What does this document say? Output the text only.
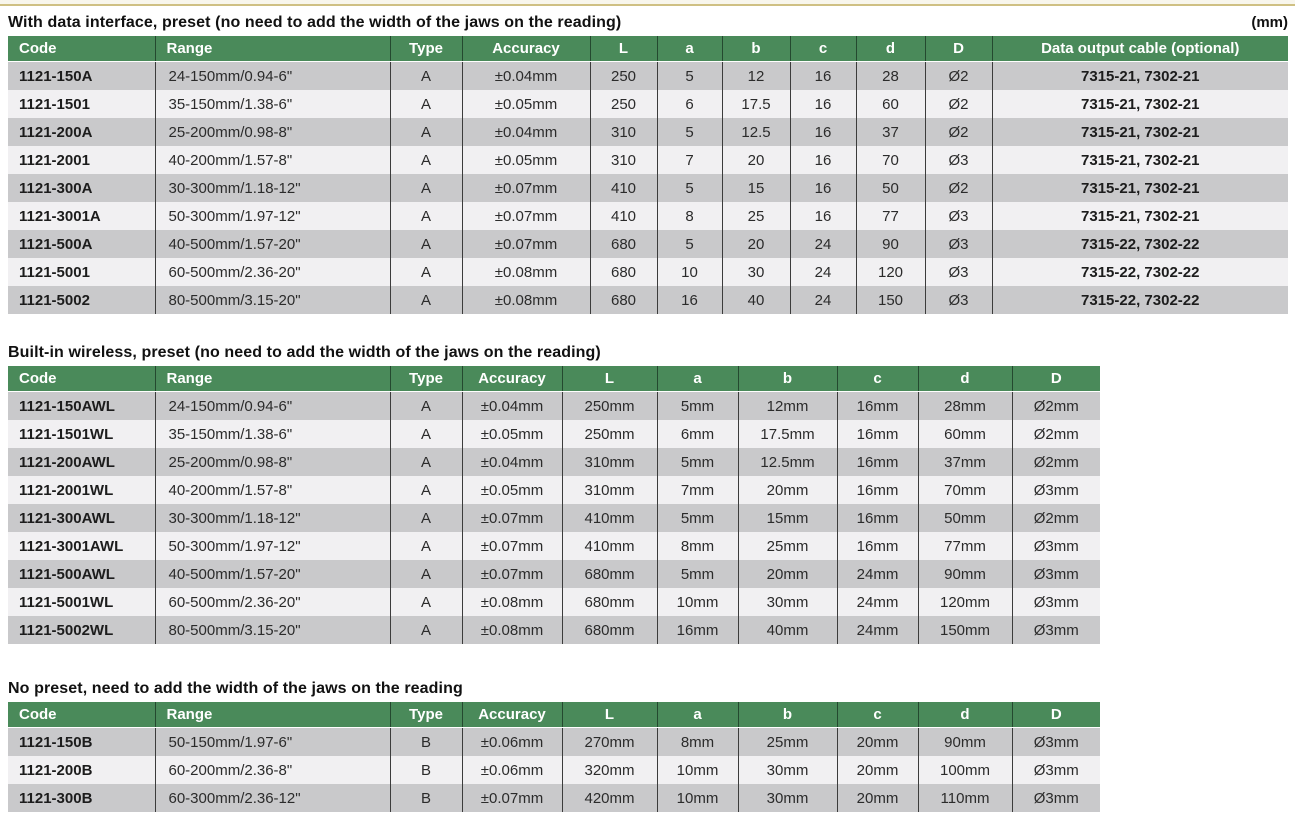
With data interface, preset (no need to add the width of the jaws on the reading)	(mm)
Code	Range	Type	Accuracy	L	a	b	c	d	D	Data output cable (optional)
1121-150A	24-150mm/0.94-6"	A	±0.04mm	250	5	12	16	28	Ø2	7315-21, 7302-21
1121-1501	35-150mm/1.38-6"	A	±0.05mm	250	6	17.5	16	60	Ø2	7315-21, 7302-21
1121-200A	25-200mm/0.98-8"	A	±0.04mm	310	5	12.5	16	37	Ø2	7315-21, 7302-21
1121-2001	40-200mm/1.57-8"	A	±0.05mm	310	7	20	16	70	Ø3	7315-21, 7302-21
1121-300A	30-300mm/1.18-12"	A	±0.07mm	410	5	15	16	50	Ø2	7315-21, 7302-21
1121-3001A	50-300mm/1.97-12"	A	±0.07mm	410	8	25	16	77	Ø3	7315-21, 7302-21
1121-500A	40-500mm/1.57-20"	A	±0.07mm	680	5	20	24	90	Ø3	7315-22, 7302-22
1121-5001	60-500mm/2.36-20"	A	±0.08mm	680	10	30	24	120	Ø3	7315-22, 7302-22
1121-5002	80-500mm/3.15-20"	A	±0.08mm	680	16	40	24	150	Ø3	7315-22, 7302-22
Built-in wireless, preset (no need to add the width of the jaws on the reading)
Code	Range	Type	Accuracy	L	a	b	c	d	D
1121-150AWL	24-150mm/0.94-6"	A	±0.04mm	250mm	5mm	12mm	16mm	28mm	Ø2mm
1121-1501WL	35-150mm/1.38-6"	A	±0.05mm	250mm	6mm	17.5mm	16mm	60mm	Ø2mm
1121-200AWL	25-200mm/0.98-8"	A	±0.04mm	310mm	5mm	12.5mm	16mm	37mm	Ø2mm
1121-2001WL	40-200mm/1.57-8"	A	±0.05mm	310mm	7mm	20mm	16mm	70mm	Ø3mm
1121-300AWL	30-300mm/1.18-12"	A	±0.07mm	410mm	5mm	15mm	16mm	50mm	Ø2mm
1121-3001AWL	50-300mm/1.97-12"	A	±0.07mm	410mm	8mm	25mm	16mm	77mm	Ø3mm
1121-500AWL	40-500mm/1.57-20"	A	±0.07mm	680mm	5mm	20mm	24mm	90mm	Ø3mm
1121-5001WL	60-500mm/2.36-20"	A	±0.08mm	680mm	10mm	30mm	24mm	120mm	Ø3mm
1121-5002WL	80-500mm/3.15-20"	A	±0.08mm	680mm	16mm	40mm	24mm	150mm	Ø3mm
No preset, need to add the width of the jaws on the reading
Code	Range	Type	Accuracy	L	a	b	c	d	D
1121-150B	50-150mm/1.97-6"	B	±0.06mm	270mm	8mm	25mm	20mm	90mm	Ø3mm
1121-200B	60-200mm/2.36-8"	B	±0.06mm	320mm	10mm	30mm	20mm	100mm	Ø3mm
1121-300B	60-300mm/2.36-12"	B	±0.07mm	420mm	10mm	30mm	20mm	110mm	Ø3mm
